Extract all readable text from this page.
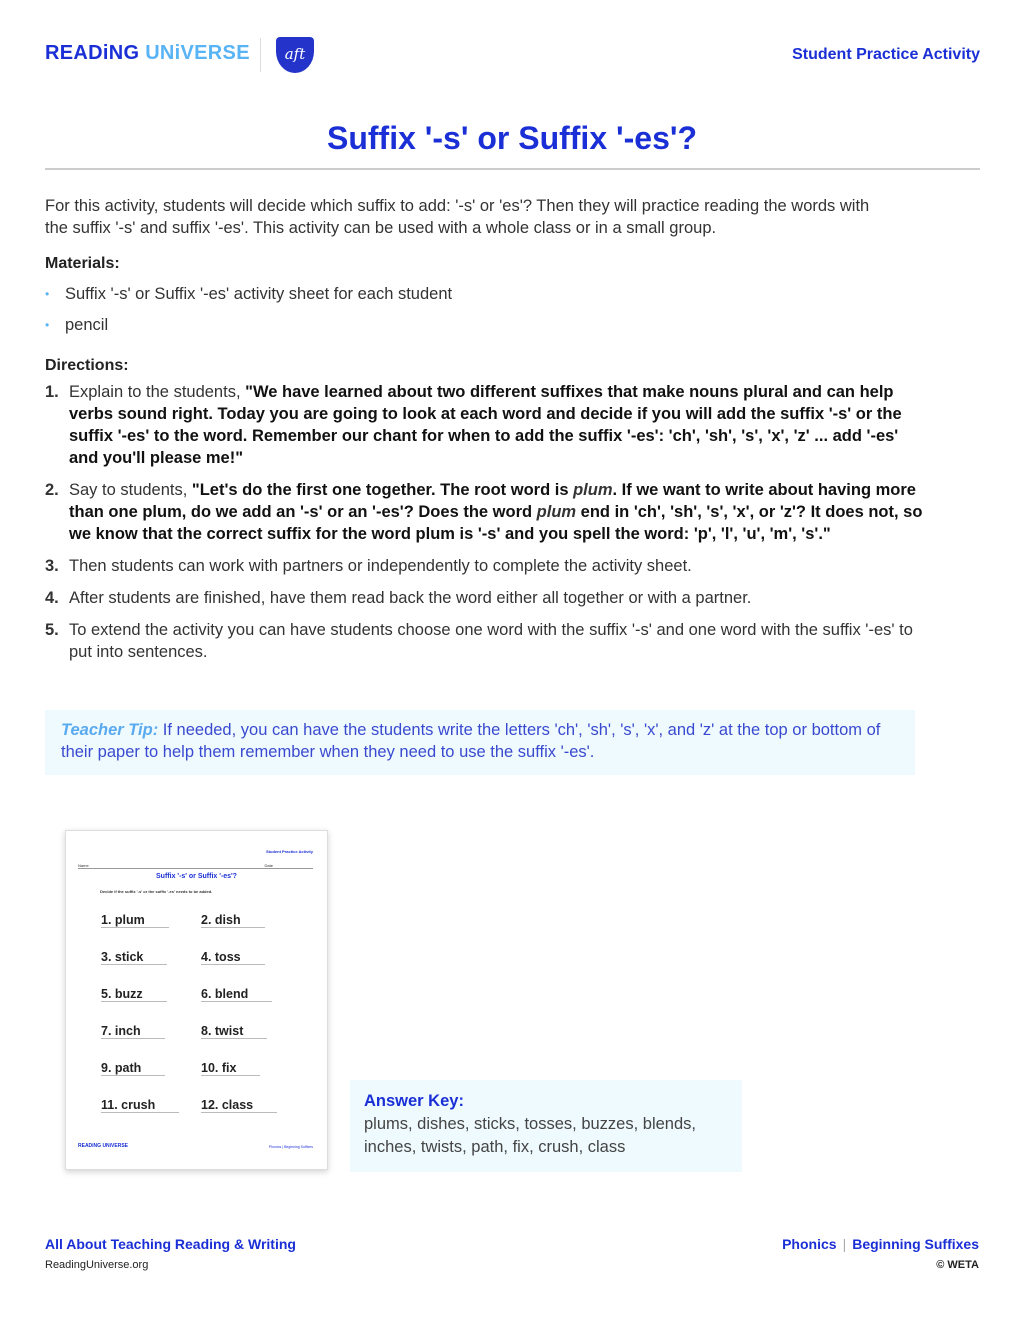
READiNG UNiVERSE	aft	Student Practice Activity
Suffix '-s' or Suffix '-es'?

For this activity, students will decide which suffix to add: '-s' or 'es'? Then they will practice reading the words with the suffix '-s' and suffix '-es'. This activity can be used with a whole class or in a small group.

Materials:
• Suffix '-s' or Suffix '-es' activity sheet for each student
• pencil
Directions:
1. Explain to the students, "We have learned about two different suffixes that make nouns plural and can help verbs sound right. Today you are going to look at each word and decide if you will add the suffix '-s' or the suffix '-es' to the word. Remember our chant for when to add the suffix '-es': 'ch', 'sh', 's', 'x', 'z' ... add '-es' and you'll please me!"
2. Say to students, "Let's do the first one together. The root word is plum. If we want to write about having more than one plum, do we add an '-s' or an '-es'? Does the word plum end in 'ch', 'sh', 's', 'x', or 'z'? It does not, so we know that the correct suffix for the word plum is '-s' and you spell the word: 'p', 'l', 'u', 'm', 's'."
3. Then students can work with partners or independently to complete the activity sheet.
4. After students are finished, have them read back the word either all together or with a partner.
5. To extend the activity you can have students choose one word with the suffix '-s' and one word with the suffix '-es' to put into sentences.
Teacher Tip: If needed, you can have the students write the letters 'ch', 'sh', 's', 'x', and 'z' at the top or bottom of their paper to help them remember when they need to use the suffix '-es'.
Student Practice Activity
Name	Date
Suffix '-s' or Suffix '-es'?
Decide if the suffix '-s' or the suffix '-es' needs to be added.
1. plum	2. dish
3. stick	4. toss
5. buzz	6. blend
7. inch	8. twist
9. path	10. fix
11. crush	12. class
READiNG UNiVERSE	Phonics | Beginning Suffixes
Answer Key:
plums, dishes, sticks, tosses, buzzes, blends, inches, twists, path, fix, crush, class
All About Teaching Reading & Writing
ReadingUniverse.org
Phonics | Beginning Suffixes
© WETA
